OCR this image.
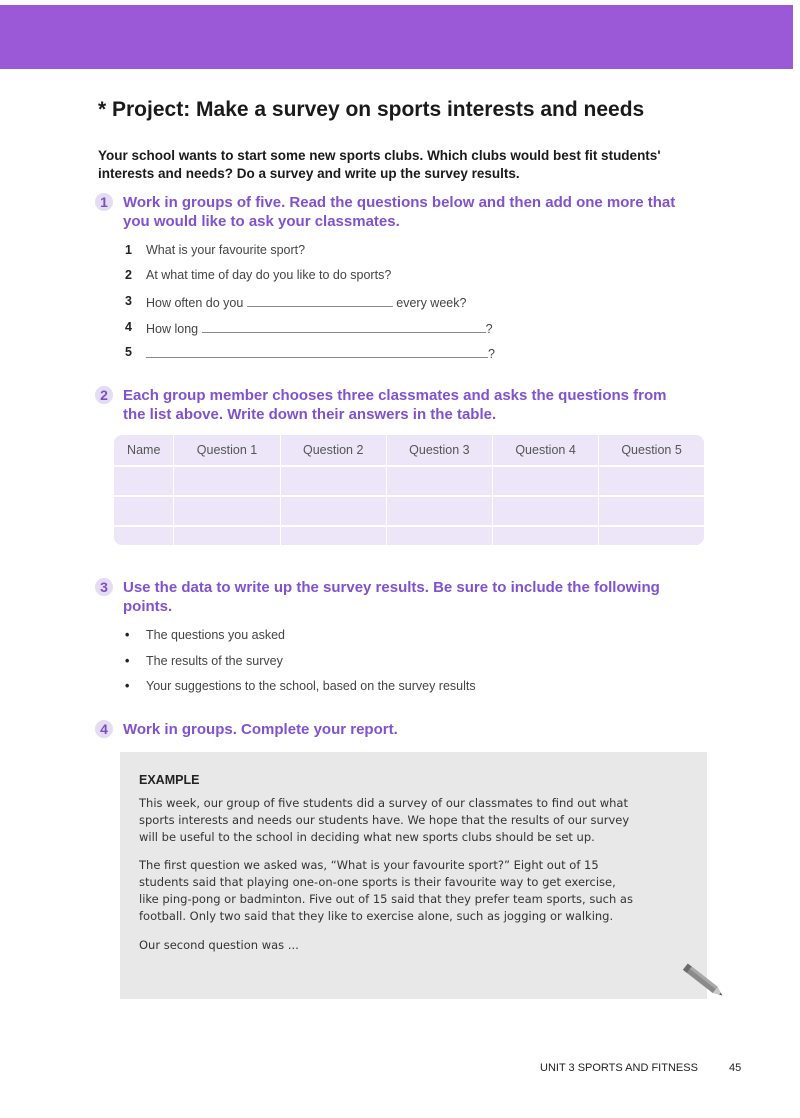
* Project: Make a survey on sports interests and needs
Your school wants to start some new sports clubs. Which clubs would best fit students'
interests and needs? Do a survey and write up the survey results.
1	Work in groups of five. Read the questions below and then add one more that
you would like to ask your classmates.
1 What is your favourite sport?
2 At what time of day do you like to do sports?
3 How often do you	every week?
4 How long	?
5	?
2	Each group member chooses three classmates and asks the questions from
the list above. Write down their answers in the table.
Name	Question 1	Question 2	Question 3	Question 4	Question 5

3	Use the data to write up the survey results. Be sure to include the following
points.
• The questions you asked
• The results of the survey
• Your suggestions to the school, based on the survey results
4	Work in groups. Complete your report.
EXAMPLE
This week, our group of five students did a survey of our classmates to find out what
sports interests and needs our students have. We hope that the results of our survey
will be useful to the school in deciding what new sports clubs should be set up.
The first question we asked was, “What is your favourite sport?” Eight out of 15
students said that playing one-on-one sports is their favourite way to get exercise,
like ping-pong or badminton. Five out of 15 said that they prefer team sports, such as
football. Only two said that they like to exercise alone, such as jogging or walking.
Our second question was ...
UNIT 3 SPORTS AND FITNESS	45
